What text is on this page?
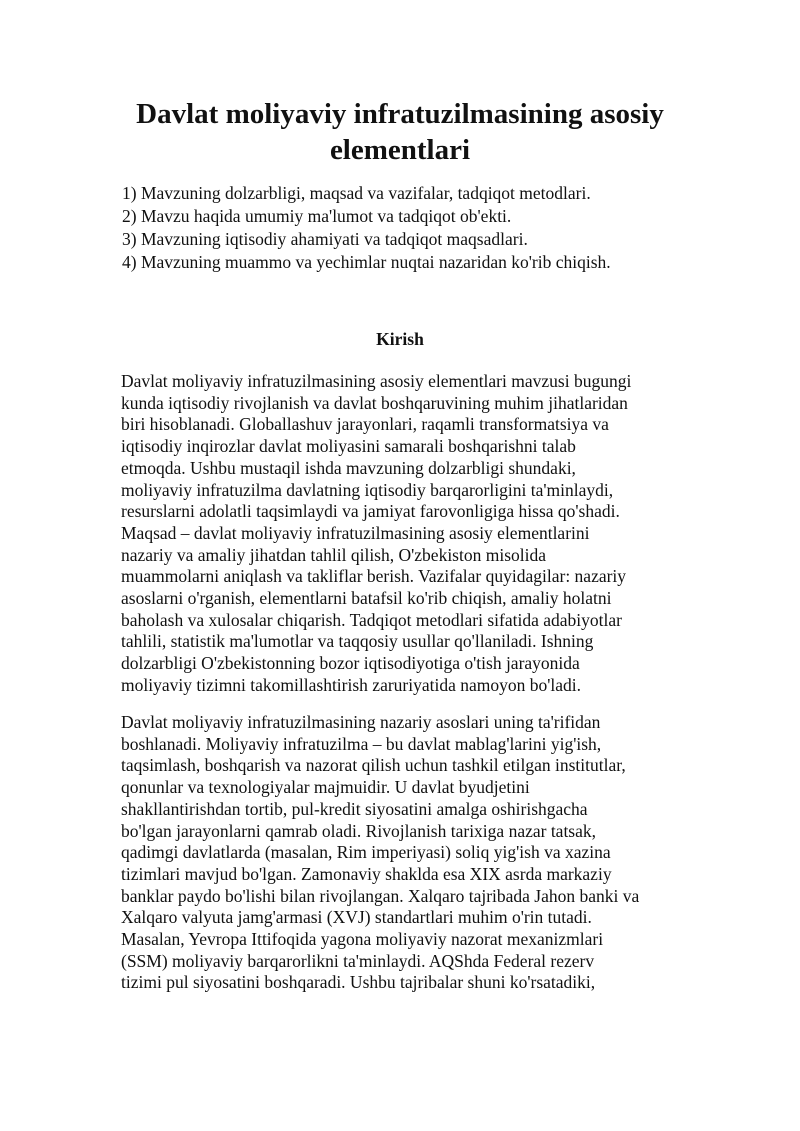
Davlat moliyaviy infratuzilmasining asosiy
elementlari
1) Mavzuning dolzarbligi, maqsad va vazifalar, tadqiqot metodlari.
2) Mavzu haqida umumiy ma'lumot va tadqiqot ob'ekti.
3) Mavzuning iqtisodiy ahamiyati va tadqiqot maqsadlari.
4) Mavzuning muammo va yechimlar nuqtai nazaridan ko'rib chiqish.
Kirish

Davlat moliyaviy infratuzilmasining asosiy elementlari mavzusi bugungi
kunda iqtisodiy rivojlanish va davlat boshqaruvining muhim jihatlaridan
biri hisoblanadi. Globallashuv jarayonlari, raqamli transformatsiya va
iqtisodiy inqirozlar davlat moliyasini samarali boshqarishni talab
etmoqda. Ushbu mustaqil ishda mavzuning dolzarbligi shundaki,
moliyaviy infratuzilma davlatning iqtisodiy barqarorligini ta'minlaydi,
resurslarni adolatli taqsimlaydi va jamiyat farovonligiga hissa qo'shadi.
Maqsad – davlat moliyaviy infratuzilmasining asosiy elementlarini
nazariy va amaliy jihatdan tahlil qilish, O'zbekiston misolida
muammolarni aniqlash va takliflar berish. Vazifalar quyidagilar: nazariy
asoslarni o'rganish, elementlarni batafsil ko'rib chiqish, amaliy holatni
baholash va xulosalar chiqarish. Tadqiqot metodlari sifatida adabiyotlar
tahlili, statistik ma'lumotlar va taqqosiy usullar qo'llaniladi. Ishning
dolzarbligi O'zbekistonning bozor iqtisodiyotiga o'tish jarayonida
moliyaviy tizimni takomillashtirish zaruriyatida namoyon bo'ladi.

Davlat moliyaviy infratuzilmasining nazariy asoslari uning ta'rifidan
boshlanadi. Moliyaviy infratuzilma – bu davlat mablag'larini yig'ish,
taqsimlash, boshqarish va nazorat qilish uchun tashkil etilgan institutlar,
qonunlar va texnologiyalar majmuidir. U davlat byudjetini
shakllantirishdan tortib, pul-kredit siyosatini amalga oshirishgacha
bo'lgan jarayonlarni qamrab oladi. Rivojlanish tarixiga nazar tatsak,
qadimgi davlatlarda (masalan, Rim imperiyasi) soliq yig'ish va xazina
tizimlari mavjud bo'lgan. Zamonaviy shaklda esa XIX asrda markaziy
banklar paydo bo'lishi bilan rivojlangan. Xalqaro tajribada Jahon banki va
Xalqaro valyuta jamg'armasi (XVJ) standartlari muhim o'rin tutadi.
Masalan, Yevropa Ittifoqida yagona moliyaviy nazorat mexanizmlari
(SSM) moliyaviy barqarorlikni ta'minlaydi. AQShda Federal rezerv
tizimi pul siyosatini boshqaradi. Ushbu tajribalar shuni ko'rsatadiki,
